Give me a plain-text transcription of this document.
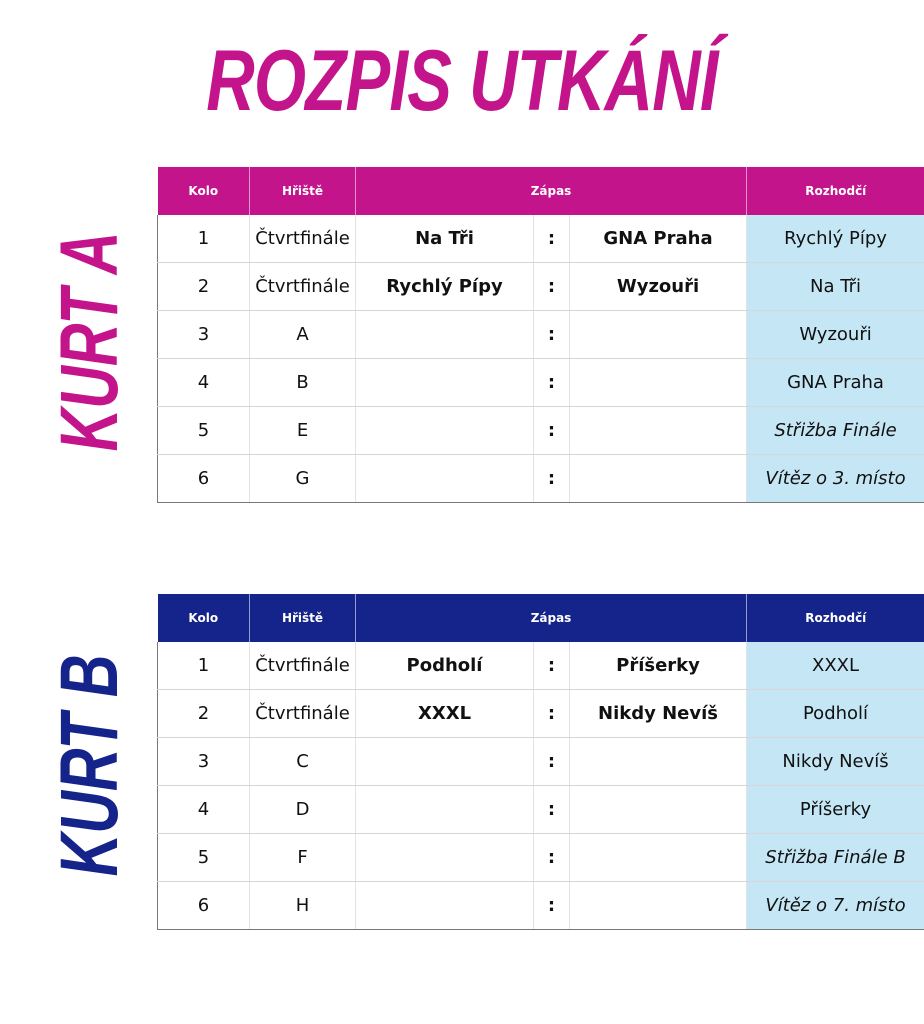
ROZPIS UTKÁNÍ
KURT A
KURT B
Kolo	Hřiště	Zápas			Rozhodčí
1	Čtvrtfinále	Na Tři	:	GNA Praha	Rychlý Pípy
2	Čtvrtfinále	Rychlý Pípy	:	Wyzouři	Na Tři
3	A		:		Wyzouři
4	B		:		GNA Praha
5	E		:		Střižba Finále
6	G		:		Vítěz o 3. místo
Kolo	Hřiště	Zápas			Rozhodčí
1	Čtvrtfinále	Podholí	:	Příšerky	XXXL
2	Čtvrtfinále	XXXL	:	Nikdy Nevíš	Podholí
3	C		:		Nikdy Nevíš
4	D		:		Příšerky
5	F		:		Střižba Finále B
6	H		:		Vítěz o 7. místo
